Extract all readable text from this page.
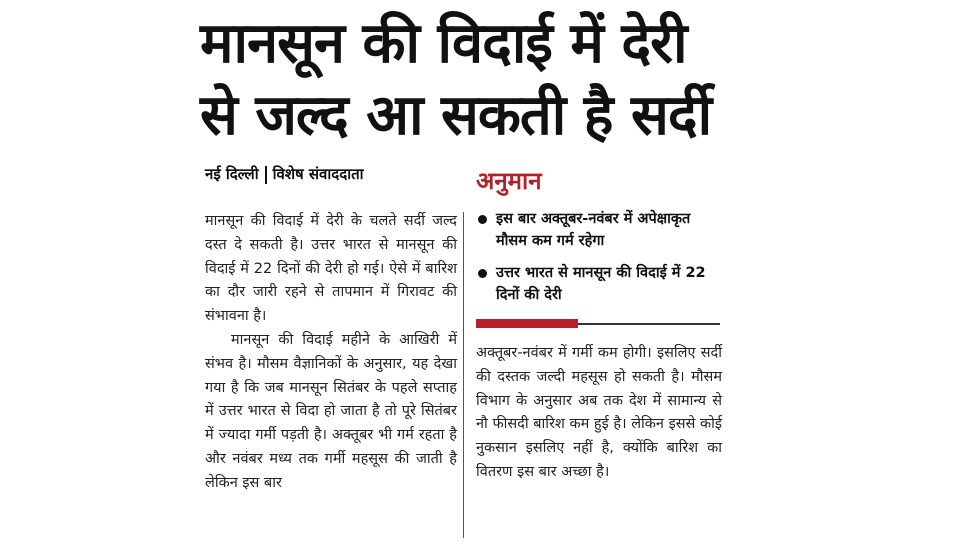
मानसून की विदाई में देरी
से जल्द आ सकती है सर्दी
नई दिल्ली विशेष संवाददाता

मानसून की विदाई में देरी के चलते सर्दी जल्द दस्त दे सकती है। उत्तर भारत से मानसून की विदाई में 22 दिनों की देरी हो गई। ऐसे में बारिश का दौर जारी रहने से तापमान में गिरावट की संभावना है।

मानसून की विदाई महीने के आखिरी में संभव है। मौसम वैज्ञानिकों के अनुसार, यह देखा गया है कि जब मानसून सितंबर के पहले सप्ताह में उत्तर भारत से विदा हो जाता है तो पूरे सितंबर में ज्यादा गर्मी पड़ती है। अक्तूबर भी गर्म रहता है और नवंबर मध्य तक गर्मी महसूस की जाती है लेकिन इस बार

अनुमान
इस बार अक्तूबर-नवंबर में अपेक्षाकृत मौसम कम गर्म रहेगा
उत्तर भारत से मानसून की विदाई में 22 दिनों की देरी

अक्तूबर-नवंबर में गर्मी कम होगी। इसलिए सर्दी की दस्तक जल्दी महसूस हो सकती है। मौसम विभाग के अनुसार अब तक देश में सामान्य से नौ फीसदी बारिश कम हुई है। लेकिन इससे कोई नुकसान इसलिए नहीं है, क्योंकि बारिश का वितरण इस बार अच्छा है।
